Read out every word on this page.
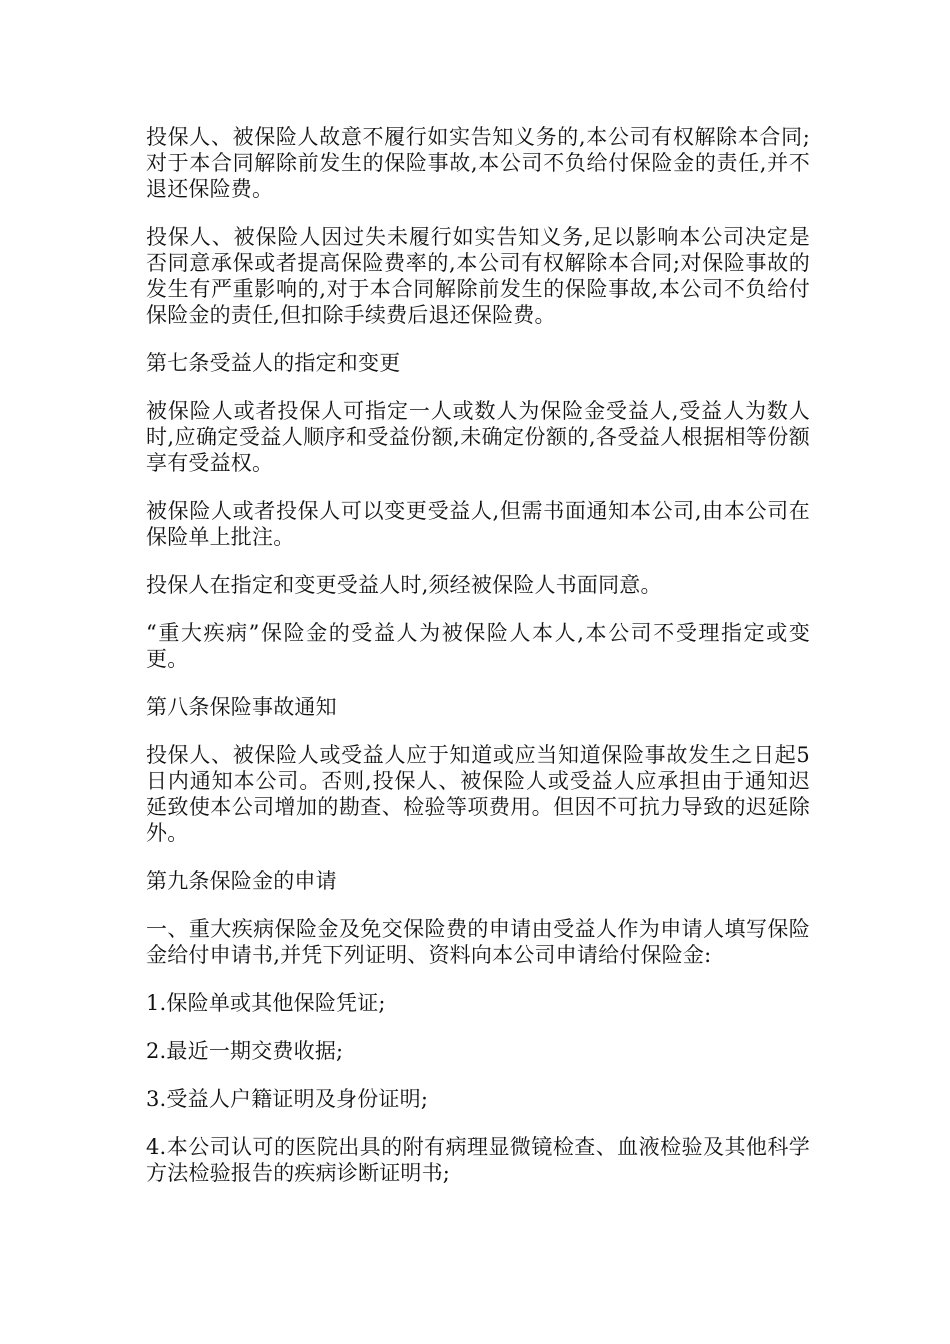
投保人、被保险人故意不履行如实告知义务的,本公司有权解除本合同;对于本合同解除前发生的保险事故,本公司不负给付保险金的责任,并不退还保险费。

投保人、被保险人因过失未履行如实告知义务,足以影响本公司决定是否同意承保或者提高保险费率的,本公司有权解除本合同;对保险事故的发生有严重影响的,对于本合同解除前发生的保险事故,本公司不负给付保险金的责任,但扣除手续费后退还保险费。

第七条受益人的指定和变更

被保险人或者投保人可指定一人或数人为保险金受益人,受益人为数人时,应确定受益人顺序和受益份额,未确定份额的,各受益人根据相等份额享有受益权。

被保险人或者投保人可以变更受益人,但需书面通知本公司,由本公司在保险单上批注。

投保人在指定和变更受益人时,须经被保险人书面同意。

“重大疾病”保险金的受益人为被保险人本人,本公司不受理指定或变更。

第八条保险事故通知

投保人、被保险人或受益人应于知道或应当知道保险事故发生之日起5日内通知本公司。否则,投保人、被保险人或受益人应承担由于通知迟延致使本公司增加的勘查、检验等项费用。但因不可抗力导致的迟延除外。

第九条保险金的申请

一、重大疾病保险金及免交保险费的申请由受益人作为申请人填写保险金给付申请书,并凭下列证明、资料向本公司申请给付保险金:

1.保险单或其他保险凭证;

2.最近一期交费收据;

3.受益人户籍证明及身份证明;

4.本公司认可的医院出具的附有病理显微镜检查、血液检验及其他科学方法检验报告的疾病诊断证明书;
